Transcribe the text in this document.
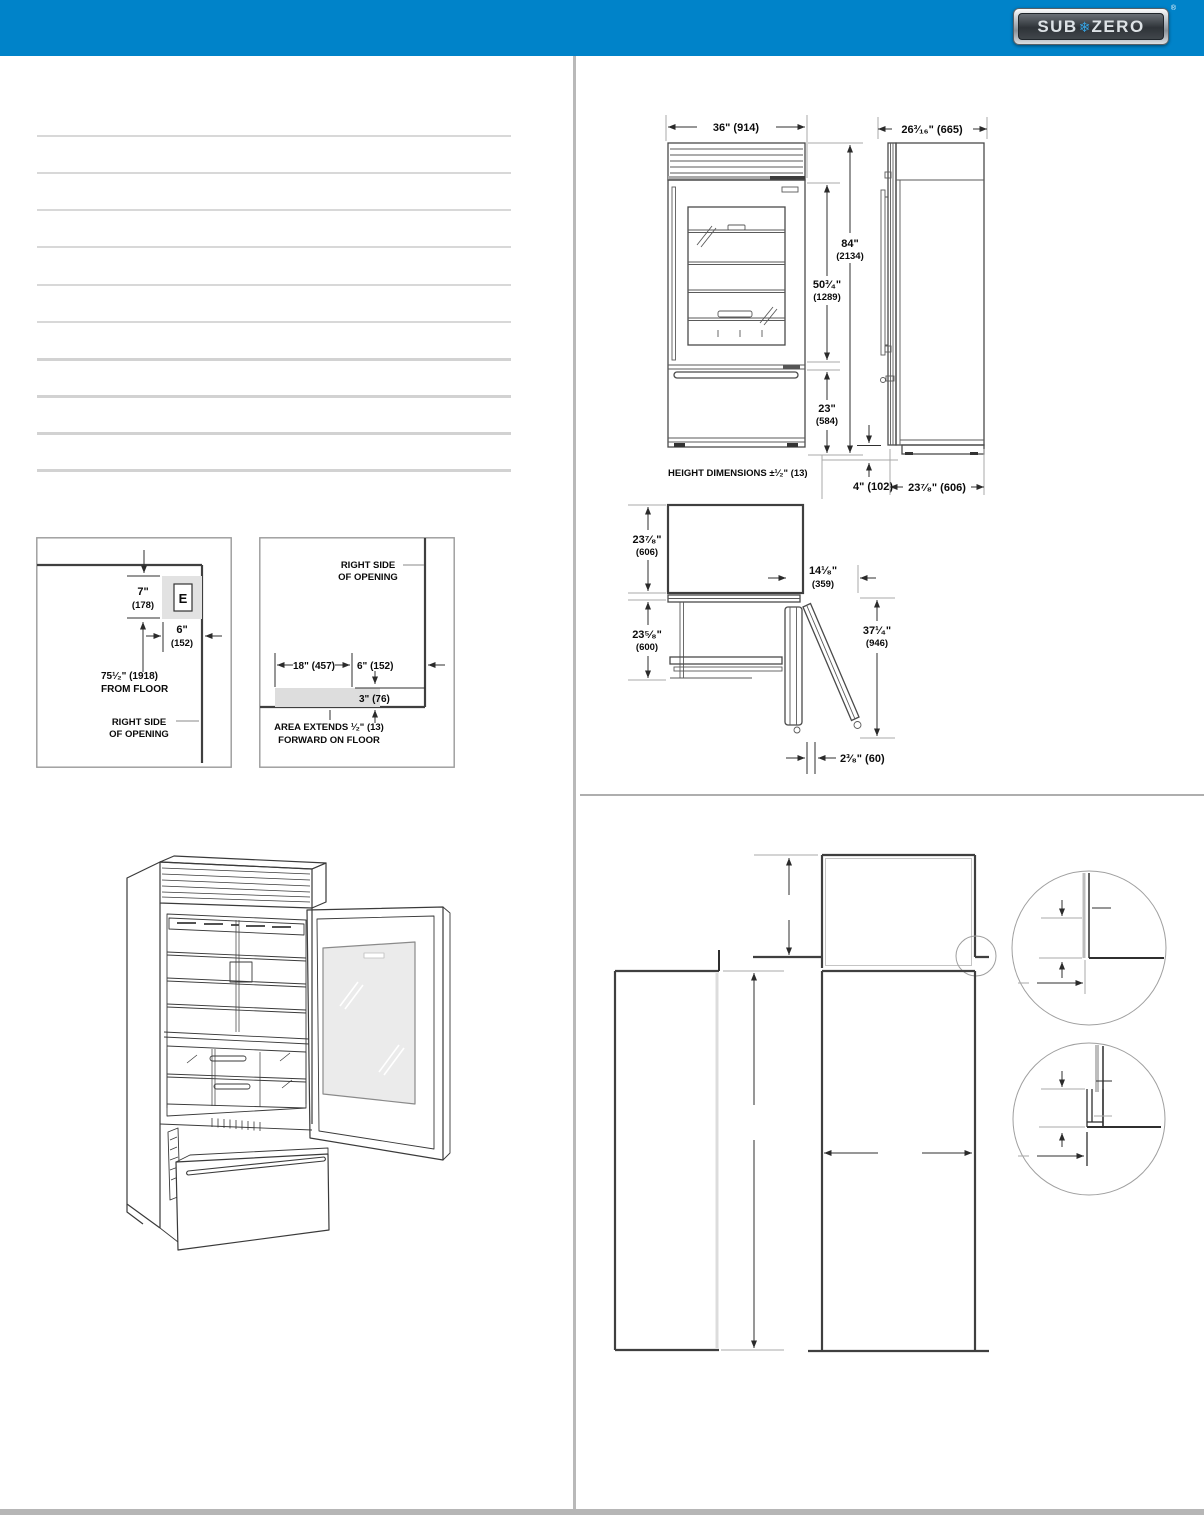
®
SUB ❄ ZERO
E
7"
(178)
6"
(152)
75¹⁄₂" (1918)
FROM FLOOR
RIGHT SIDE
OF OPENING
RIGHT SIDE
OF OPENING
18" (457) 6" (152)
3" (76)
AREA EXTENDS ¹⁄₂" (13)
FORWARD ON FLOOR
36" (914)
84"
(2134)
50³⁄₄"
(1289)
23"
(584)
HEIGHT DIMENSIONS ±¹⁄₂" (13)
26³⁄₁₆" (665)
4" (102) 23⁷⁄₈" (606)
23⁷⁄₈"
(606)
14¹⁄₈"
(359)
23⁵⁄₈"
(600)
37¹⁄₄"
(946)
2³⁄₈" (60)
